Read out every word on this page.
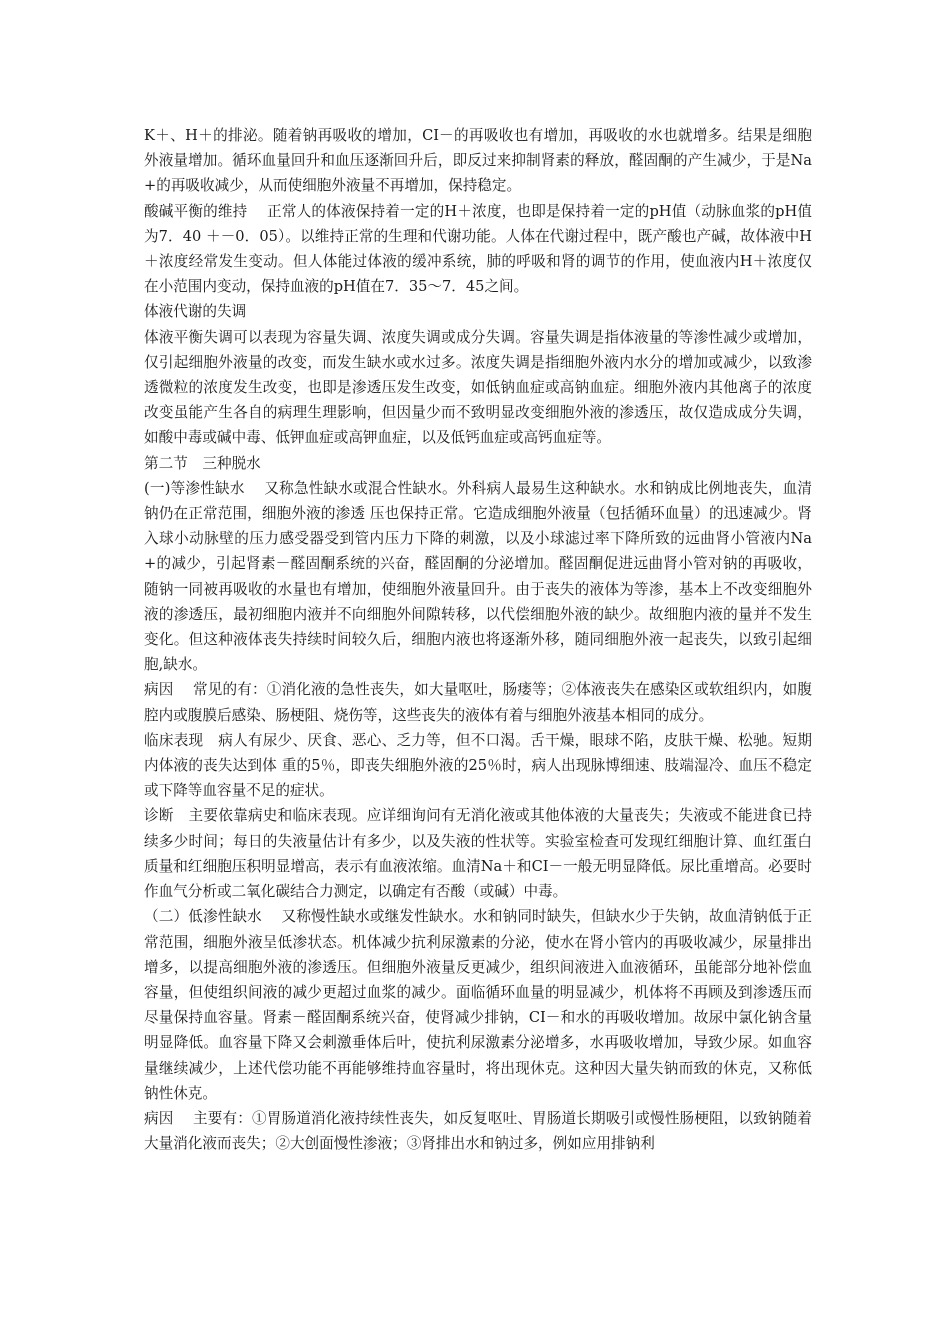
K＋、H＋的排泌。随着钠再吸收的增加，CI－的再吸收也有增加，再吸收的水也就增多。结果是细胞外液量增加。循环血量回升和血压逐渐回升后，即反过来抑制肾素的释放，醛固酮的产生减少，于是Na+的再吸收减少，从而使细胞外液量不再增加，保持稳定。

酸碱平衡的维持　 正常人的体液保持着一定的H＋浓度，也即是保持着一定的pH值（动脉血浆的pH值为7．40 ＋－0．05）。以维持正常的生理和代谢功能。人体在代谢过程中，既产酸也产碱，故体液中H＋浓度经常发生变动。但人体能过体液的缓冲系统，肺的呼吸和肾的调节的作用，使血液内H＋浓度仅在小范围内变动，保持血液的pH值在7．35～7．45之间。

体液代谢的失调

体液平衡失调可以表现为容量失调、浓度失调或成分失调。容量失调是指体液量的等渗性减少或增加，仅引起细胞外液量的改变，而发生缺水或水过多。浓度失调是指细胞外液内水分的增加或减少，以致渗透微粒的浓度发生改变，也即是渗透压发生改变，如低钠血症或高钠血症。细胞外液内其他离子的浓度改变虽能产生各自的病理生理影响，但因量少而不致明显改变细胞外液的渗透压，故仅造成成分失调，如酸中毒或碱中毒、低钾血症或高钾血症，以及低钙血症或高钙血症等。

第二节　三种脱水

(一)等渗性缺水　 又称急性缺水或混合性缺水。外科病人最易生这种缺水。水和钠成比例地丧失，血清钠仍在正常范围，细胞外液的渗透 压也保持正常。它造成细胞外液量（包括循环血量）的迅速减少。肾入球小动脉壁的压力感受器受到管内压力下降的刺激，以及小球滤过率下降所致的远曲肾小管液内Na+的减少，引起肾素－醛固酮系统的兴奋，醛固酮的分泌增加。醛固酮促进远曲肾小管对钠的再吸收，随钠一同被再吸收的水量也有增加，使细胞外液量回升。由于丧失的液体为等渗，基本上不改变细胞外液的渗透压，最初细胞内液并不向细胞外间隙转移，以代偿细胞外液的缺少。故细胞内液的量并不发生变化。但这种液体丧失持续时间较久后，细胞内液也将逐渐外移，随同细胞外液一起丧失，以致引起细胞,缺水。

病因　 常见的有：①消化液的急性丧失，如大量呕吐，肠瘘等；②体液丧失在感染区或软组织内，如腹腔内或腹膜后感染、肠梗阻、烧伤等，这些丧失的液体有着与细胞外液基本相同的成分。

临床表现　病人有尿少、厌食、恶心、乏力等，但不口渴。舌干燥，眼球不陷，皮肤干燥、松驰。短期内体液的丧失达到体 重的5％，即丧失细胞外液的25％时，病人出现脉博细速、肢端湿冷、血压不稳定或下降等血容量不足的症状。

诊断　主要依靠病史和临床表现。应详细询问有无消化液或其他体液的大量丧失；失液或不能进食已持续多少时间；每日的失液量估计有多少，以及失液的性状等。实验室检查可发现红细胞计算、血红蛋白质量和红细胞压积明显增高，表示有血液浓缩。血清Na＋和CI－一般无明显降低。尿比重增高。必要时作血气分析或二氧化碳结合力测定，以确定有否酸（或碱）中毒。

（二）低渗性缺水　 又称慢性缺水或继发性缺水。水和钠同时缺失，但缺水少于失钠，故血清钠低于正常范围，细胞外液呈低渗状态。机体减少抗利尿激素的分泌，使水在肾小管内的再吸收减少，尿量排出增多，以提高细胞外液的渗透压。但细胞外液量反更减少，组织间液进入血液循环，虽能部分地补偿血容量，但使组织间液的减少更超过血浆的减少。面临循环血量的明显减少，机体将不再顾及到渗透压而尽量保持血容量。肾素－醛固酮系统兴奋，使肾减少排钠，CI－和水的再吸收增加。故尿中氯化钠含量明显降低。血容量下降又会刺激垂体后叶，使抗利尿激素分泌增多，水再吸收增加，导致少尿。如血容量继续减少，上述代偿功能不再能够维持血容量时，将出现休克。这种因大量失钠而致的休克，又称低钠性休克。

病因　 主要有：①胃肠道消化液持续性丧失，如反复呕吐、胃肠道长期吸引或慢性肠梗阻，以致钠随着大量消化液而丧失；②大创面慢性渗液；③肾排出水和钠过多，例如应用排钠利
